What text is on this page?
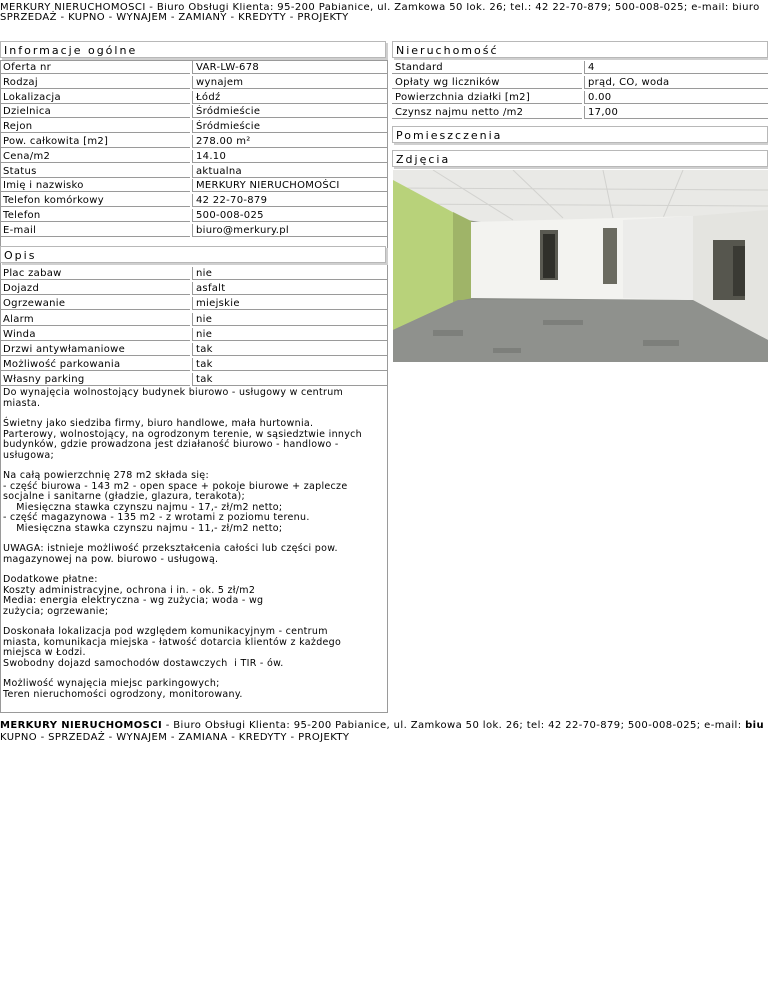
MERKURY NIERUCHOMOŚCI - Biuro Obsługi Klienta: 95-200 Pabianice, ul. Zamkowa 50 lok. 26; tel.: 42 22-70-879; 500-008-025; e-mail: biuro
SPRZEDAŻ - KUPNO - WYNAJEM - ZAMIANY - KREDYTY - PROJEKTY
Informacje ogólne
Oferta nr	VAR-LW-678
Rodzaj	wynajem
Lokalizacja	Łódź
Dzielnica	Śródmieście
Rejon	Śródmieście
Pow. całkowita [m2]	278.00 m²
Cena/m2	14.10
Status	aktualna
Imię i nazwisko	MERKURY NIERUCHOMOŚCI
Telefon komórkowy	42 22-70-879
Telefon	500-008-025
E-mail	biuro@merkury.pl
Opis
Plac zabaw	nie
Dojazd	asfalt
Ogrzewanie	miejskie
Alarm	nie
Winda	nie
Drzwi antywłamaniowe	tak
Możliwość parkowania	tak
Własny parking	tak

Do wynajęcia wolnostojący budynek biurowo - usługowy w centrum
miasta.

Świetny jako siedziba firmy, biuro handlowe, mała hurtownia.
Parterowy, wolnostojący, na ogrodzonym terenie, w sąsiedztwie innych
budynków, gdzie prowadzona jest działaność biurowo - handlowo -
usługowa;

Na całą powierzchnię 278 m2 składa się:
- część biurowa - 143 m2 - open space + pokoje biurowe + zaplecze
socjalne i sanitarne (gładzie, glazura, terakota);
Miesięczna stawka czynszu najmu - 17,- zł/m2 netto;
- część magazynowa - 135 m2 - z wrotami z poziomu terenu.
Miesięczna stawka czynszu najmu - 11,- zł/m2 netto;

UWAGA: istnieje możliwość przekształcenia całości lub części pow.
magazynowej na pow. biurowo - usługową.

Dodatkowe płatne:
Koszty administracyjne, ochrona i in. - ok. 5 zł/m2
Media: energia elektryczna - wg zużycia; woda - wg
zużycia; ogrzewanie;

Doskonała lokalizacja pod względem komunikacyjnym - centrum
miasta, komunikacja miejska - łatwość dotarcia klientów z każdego
miejsca w Łodzi.
Swobodny dojazd samochodów dostawczych  i TIR - ów.

Możliwość wynajęcia miejsc parkingowych;
Teren nieruchomości ogrodzony, monitorowany.

Nieruchomość
Standard	4
Opłaty wg liczników	prąd, CO, woda
Powierzchnia działki [m2]	0.00
Czynsz najmu netto /m2	17,00
Pomieszczenia
Zdjęcia
MERKURY NIERUCHOMOŚCI - Biuro Obsługi Klienta: 95-200 Pabianice, ul. Zamkowa 50 lok. 26; tel: 42 22-70-879; 500-008-025; e-mail: biu
KUPNO - SPRZEDAŻ - WYNAJEM - ZAMIANA - KREDYTY - PROJEKTY
